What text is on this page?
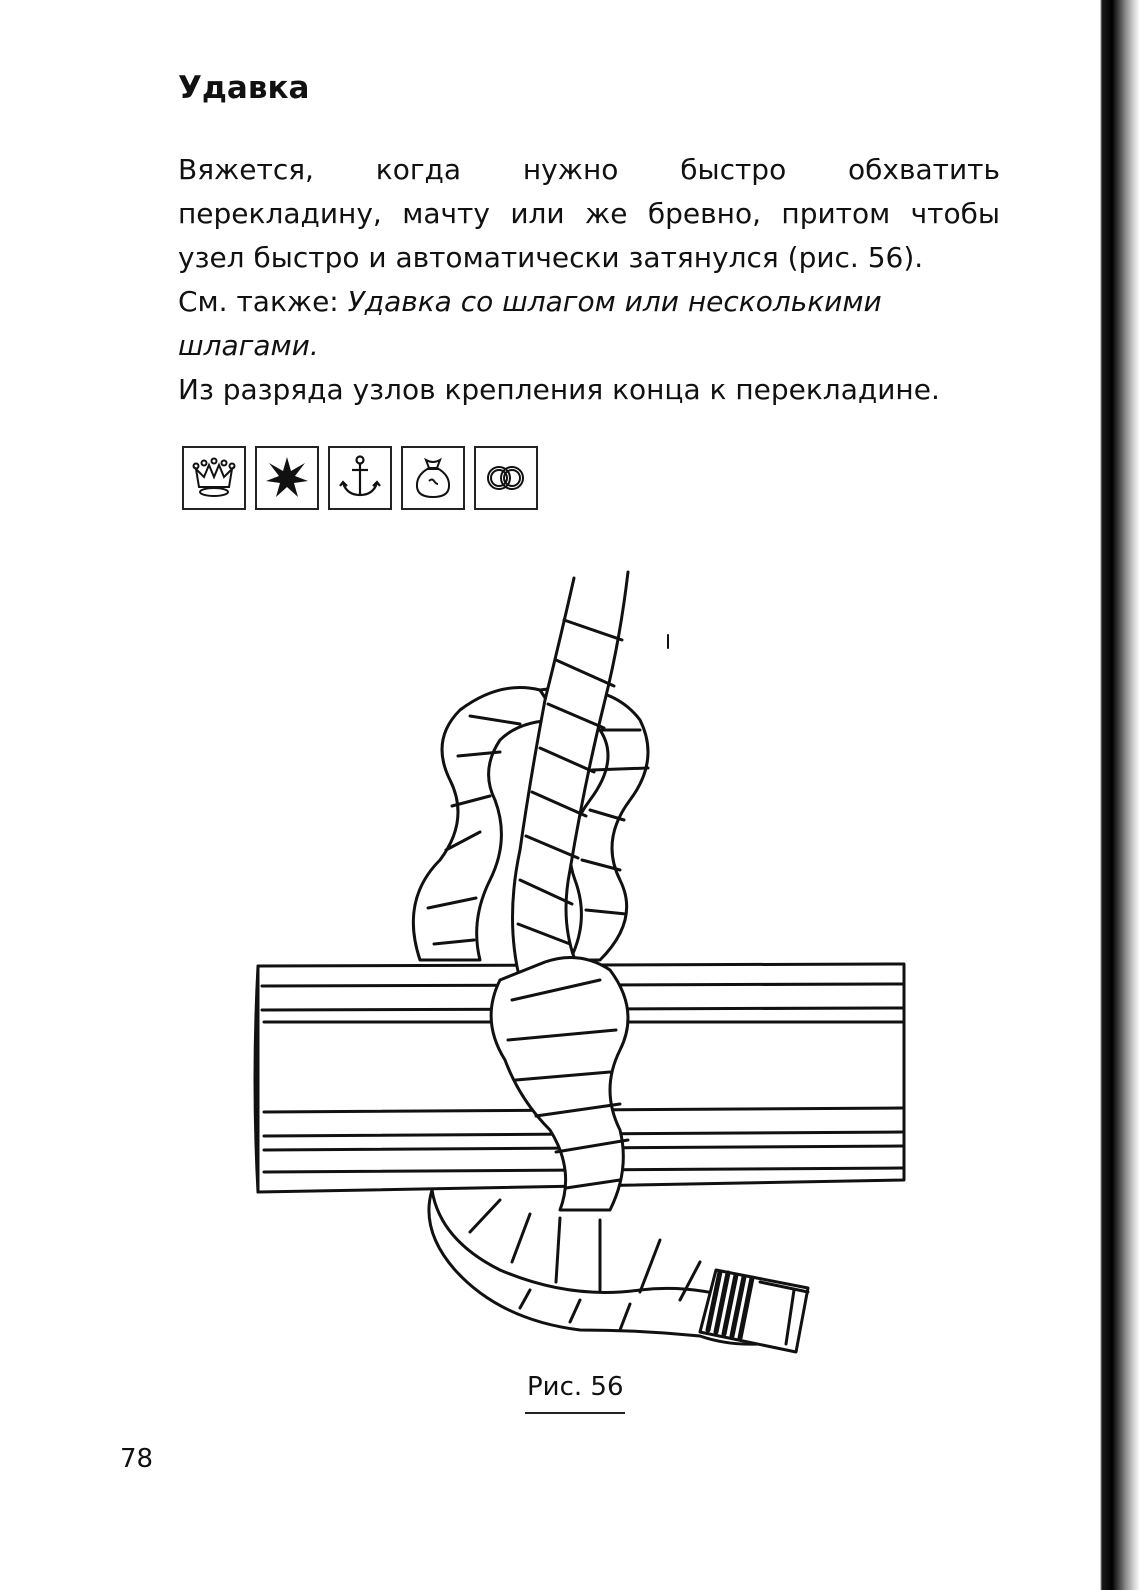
Удавка

Вяжется, когда нужно быстро обхватить перекладину, мачту или же бревно, притом чтобы узел быстро и автоматически затянулся (рис. 56).

См. также: Удавка со шлагом или несколькими шлагами.

Из разряда узлов крепления конца к перекладине.

Рис. 56
78
